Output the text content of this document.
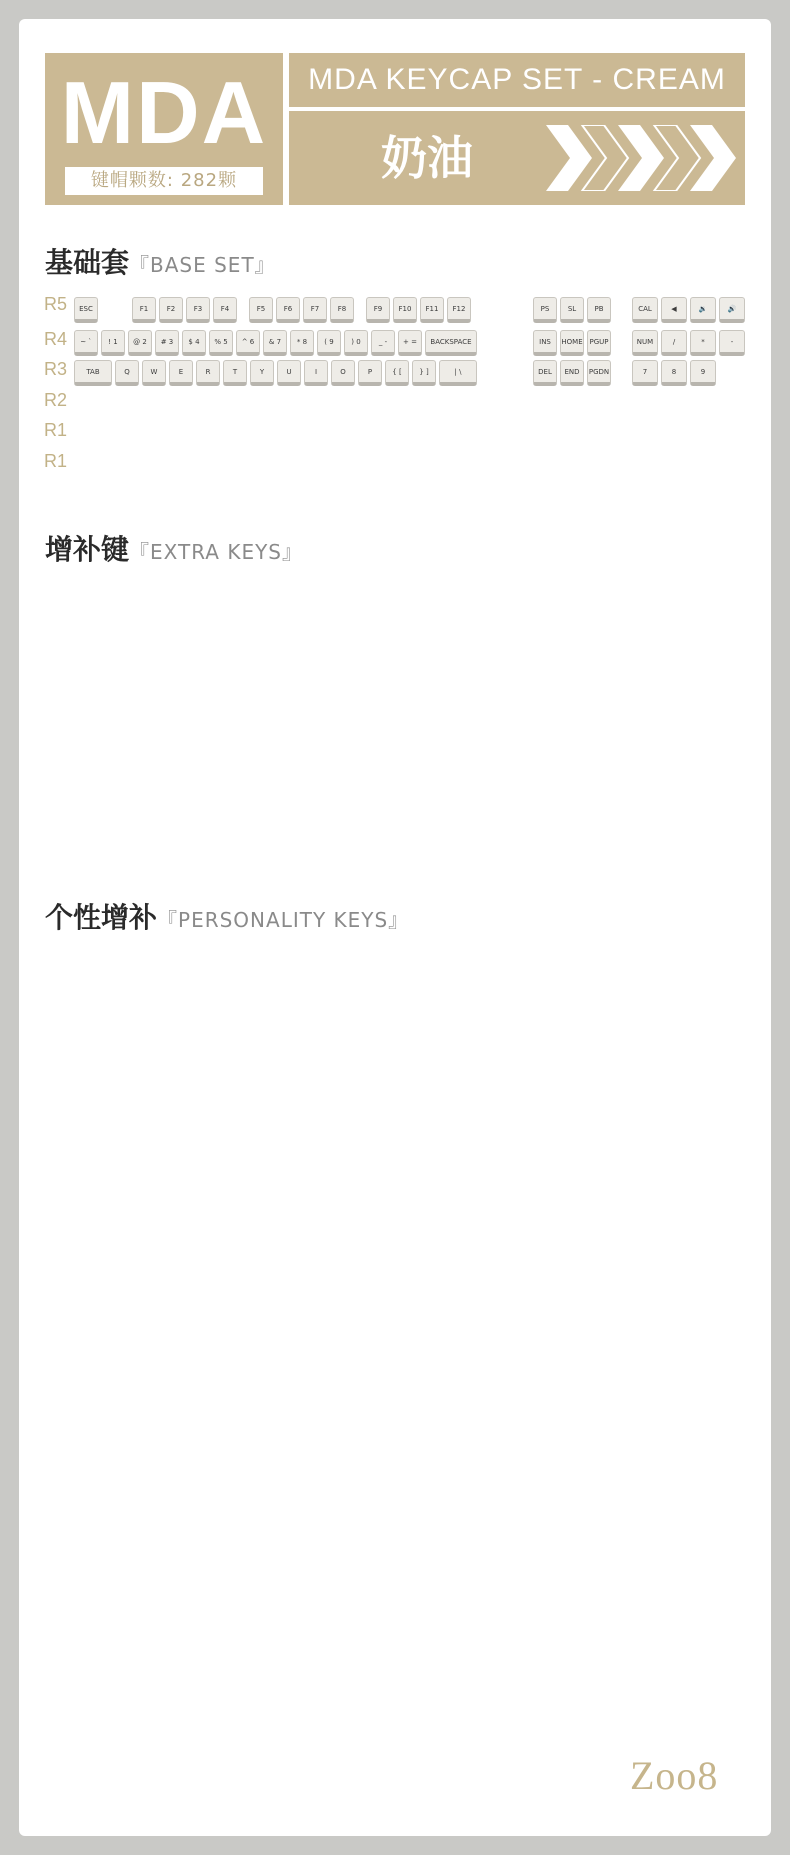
MDA
键帽颗数: 282颗
MDA KEYCAP SET - CREAM
奶油
基础套『BASE SET』
增补键『EXTRA KEYS』
个性增补『PERSONALITY KEYS』
R5
R4
R3
R2
R1
R1
ESC	F1	F2	F3	F4	F5	F6	F7	F8	F9	F10	F11	F12	PS	SL	PB	CAL	◀	🔉	🔊
~ `	! 1	@ 2	# 3	$ 4	% 5	^ 6	& 7	* 8	( 9	) 0	_ -	+ =	BACKSPACE	INS	HOME PGUP	NUM	/	*	-
TAB	Q	W	E	R	T	Y	U	I	O	P	{ [	} ]	| \	DEL	END	PGDN	7	8	9
Zoo8
